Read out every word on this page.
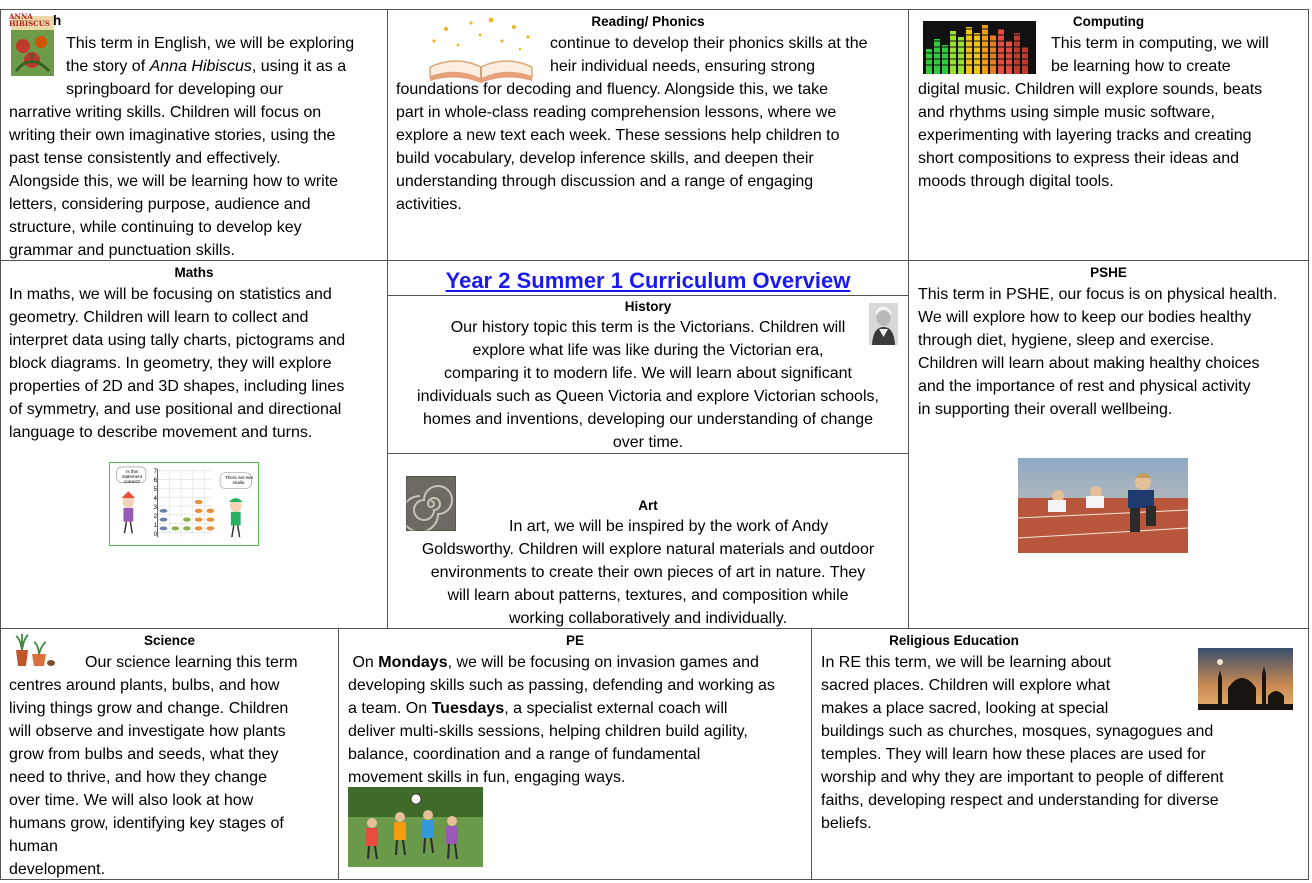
ANNA HIBISCUS h
This term in English, we will be exploring
the story of Anna Hibiscus, using it as a
springboard for developing our
narrative writing skills. Children will focus on
writing their own imaginative stories, using the
past tense consistently and effectively.
Alongside this, we will be learning how to write
letters, considering purpose, audience and
structure, while continuing to develop key
grammar and punctuation skills.
Reading/ Phonics
continue to develop their phonics skills at the
heir individual needs, ensuring strong
foundations for decoding and fluency. Alongside this, we take
part in whole-class reading comprehension lessons, where we
explore a new text each week. These sessions help children to
build vocabulary, develop inference skills, and deepen their
understanding through discussion and a range of engaging
activities.
Computing
This term in computing, we will
be learning how to create
digital music. Children will explore sounds, beats
and rhythms using simple music software,
experimenting with layering tracks and creating
short compositions to express their ideas and
moods through digital tools.
Maths
In maths, we will be focusing on statistics and
geometry. Children will learn to collect and
interpret data using tally charts, pictograms and
block diagrams. In geometry, they will explore
properties of 2D and 3D shapes, including lines
of symmetry, and use positional and directional
language to describe movement and turns.
Is this statement correct?
There are two snails.
7
6
5
4
3
2
1
0
Year 2 Summer 1 Curriculum Overview
History
Our history topic this term is the Victorians. Children will
explore what life was like during the Victorian era,
comparing it to modern life. We will learn about significant
individuals such as Queen Victoria and explore Victorian schools,
homes and inventions, developing our understanding of change
over time.
Art
In art, we will be inspired by the work of Andy
Goldsworthy. Children will explore natural materials and outdoor
environments to create their own pieces of art in nature. They
will learn about patterns, textures, and composition while
working collaboratively and individually.
PSHE
This term in PSHE, our focus is on physical health.
We will explore how to keep our bodies healthy
through diet, hygiene, sleep and exercise.
Children will learn about making healthy choices
and the importance of rest and physical activity
in supporting their overall wellbeing.
Science
Our science learning this term
centres around plants, bulbs, and how
living things grow and change. Children
will observe and investigate how plants
grow from bulbs and seeds, what they
need to thrive, and how they change
over time. We will also look at how
humans grow, identifying key stages of
human
development.
PE
On Mondays, we will be focusing on invasion games and
developing skills such as passing, defending and working as
a team. On Tuesdays, a specialist external coach will
deliver multi-skills sessions, helping children build agility,
balance, coordination and a range of fundamental
movement skills in fun, engaging ways.
Religious Education
In RE this term, we will be learning about
sacred places. Children will explore what
makes a place sacred, looking at special
buildings such as churches, mosques, synagogues and
temples. They will learn how these places are used for
worship and why they are important to people of different
faiths, developing respect and understanding for diverse
beliefs.
